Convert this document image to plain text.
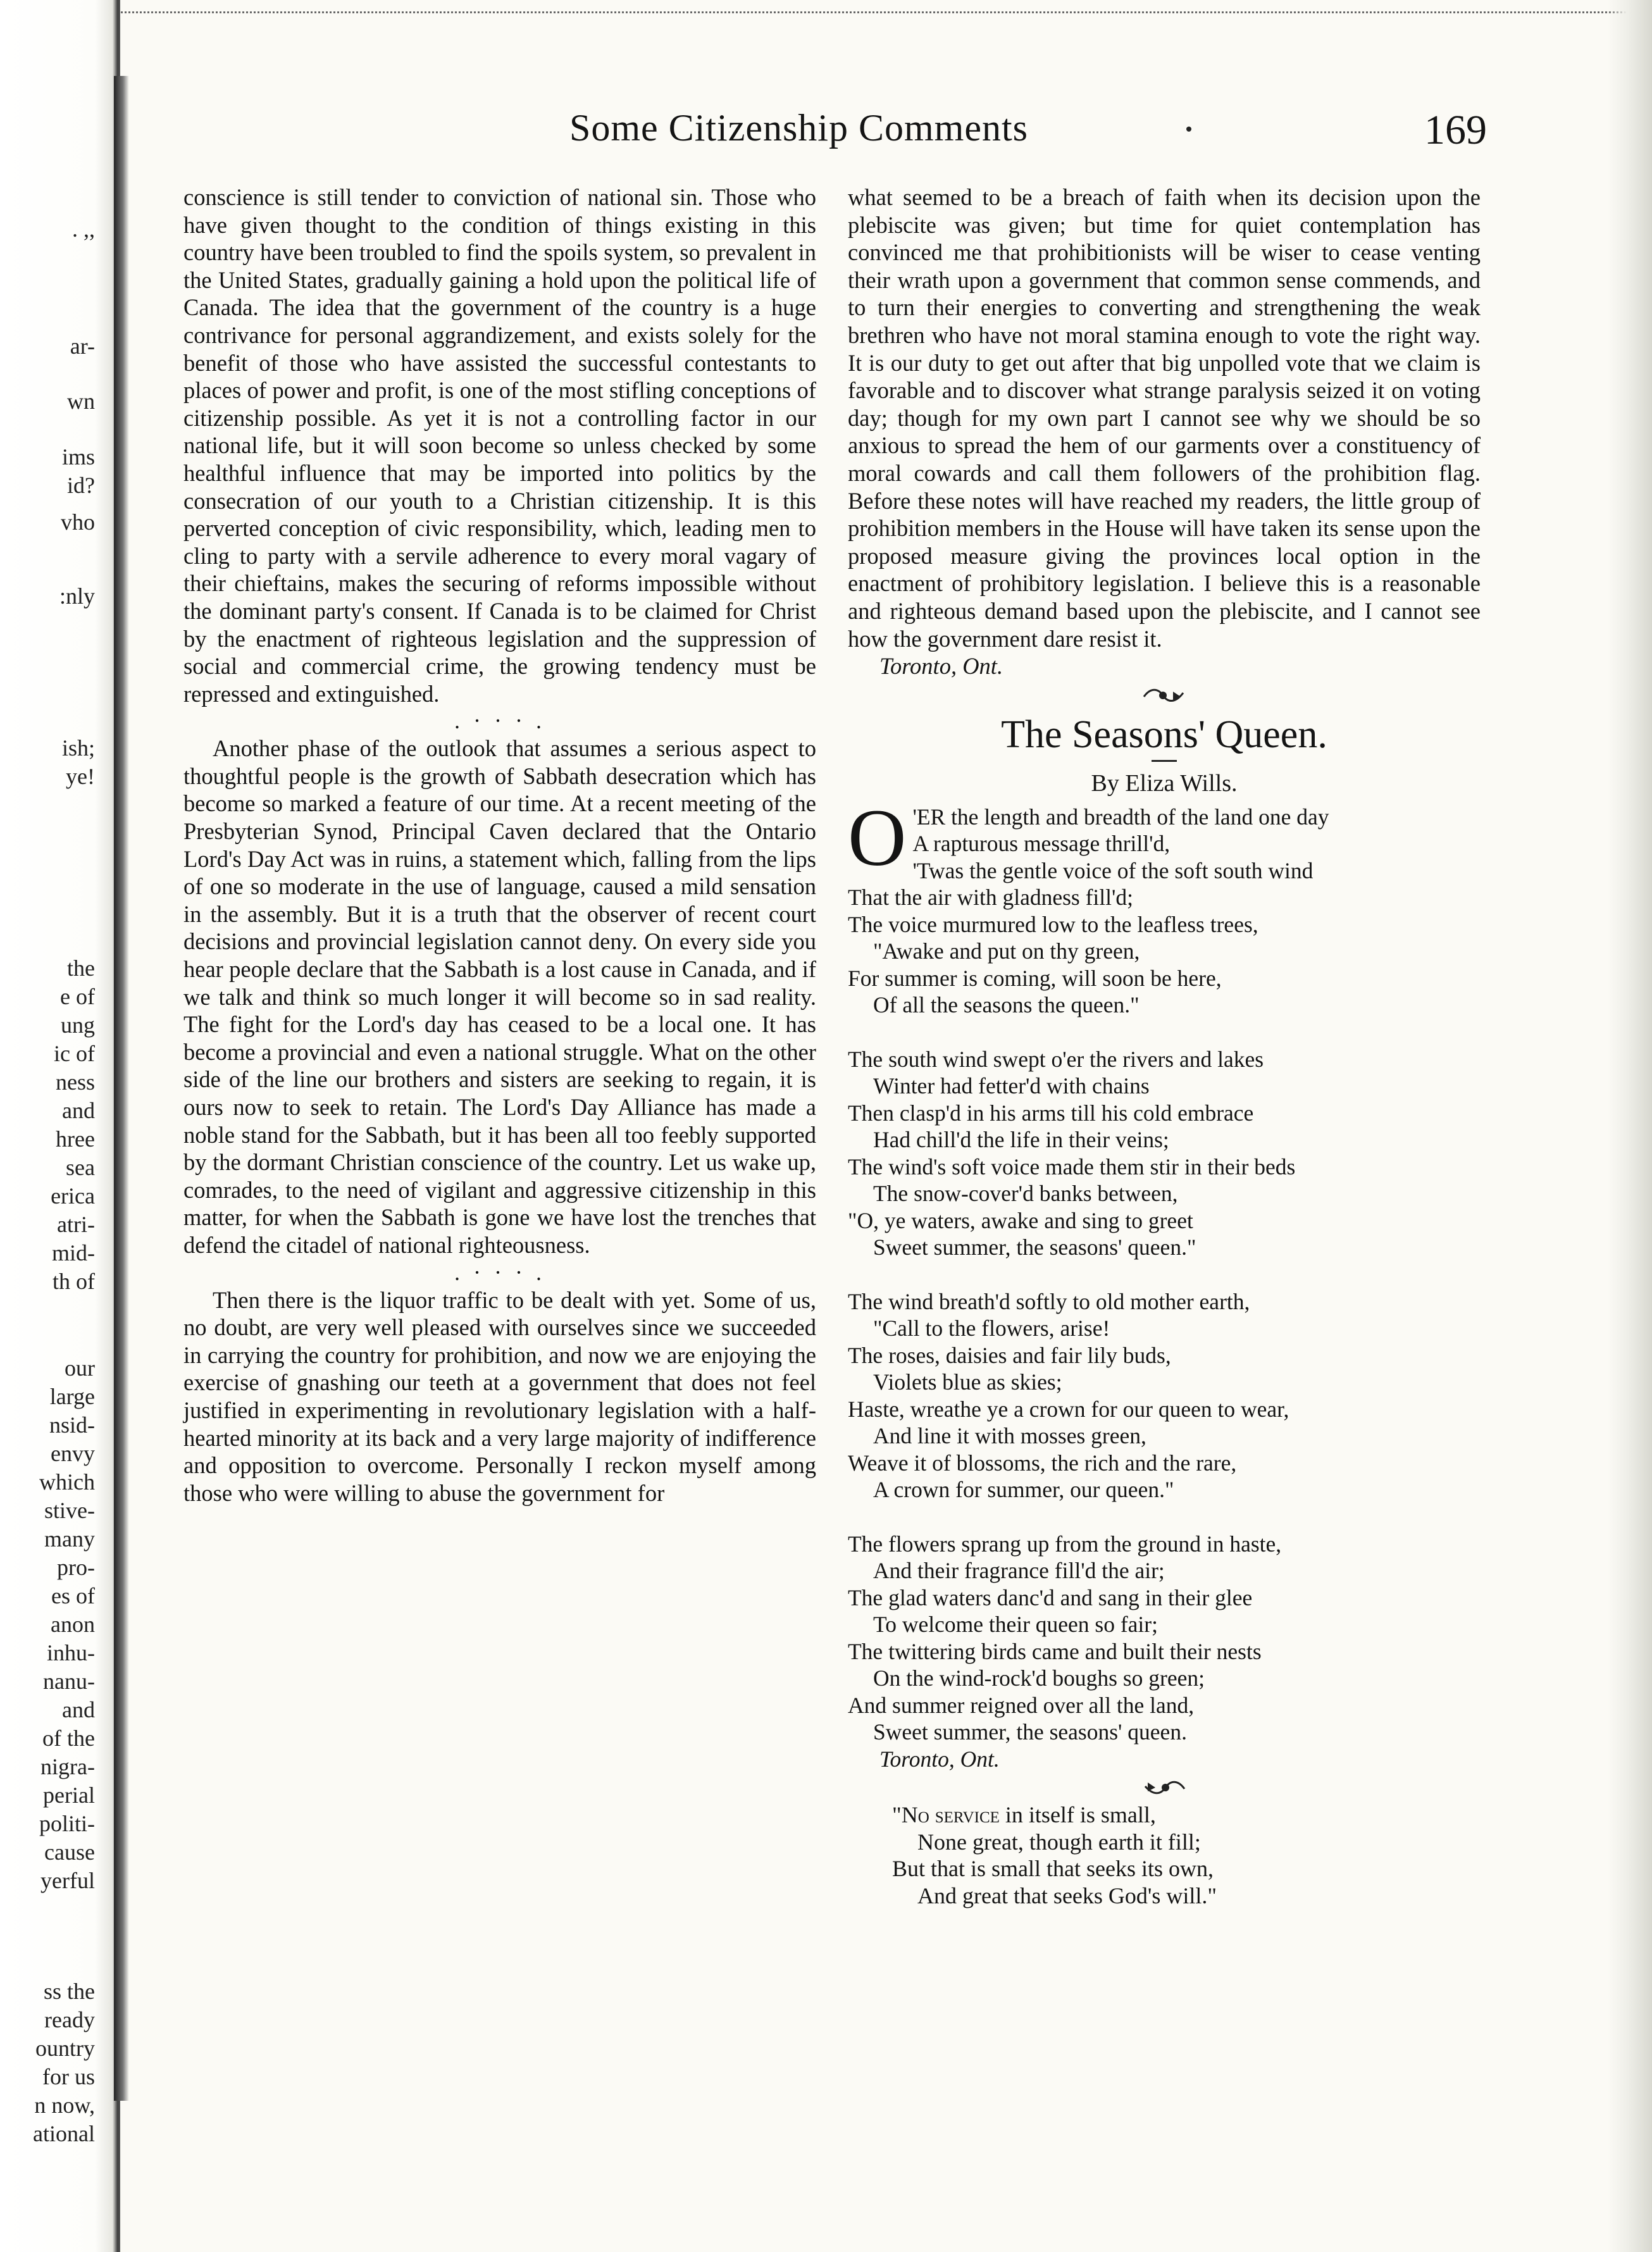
. ,,
ar-
wn
ims
id?
vho
:nly
ish;
ye!
the
e of
ung
ic of
ness
and
hree
sea
erica
atri-
mid-
th of
our
large
nsid-
envy
which
stive-
many
pro-
es of
anon
inhu-
nanu-
and
of the
nigra-
perial
politi-
cause
yerful
ss the
ready
ountry
for us
n now,
ational
Some Citizenship Comments	169

conscience is still tender to conviction of national sin. Those who have given thought to the condition of things existing in this country have been troubled to find the spoils system, so prevalent in the United States, gradually gaining a hold upon the political life of Canada. The idea that the government of the country is a huge contrivance for personal aggrandizement, and exists solely for the benefit of those who have assisted the successful contestants to places of power and profit, is one of the most stifling conceptions of citizenship possible. As yet it is not a controlling factor in our national life, but it will soon become so unless checked by some healthful influence that may be imported into politics by the consecration of our youth to a Christian citizenship. It is this perverted conception of civic responsibility, which, leading men to cling to party with a servile adherence to every moral vagary of their chieftains, makes the securing of reforms impossible without the dominant party's consent. If Canada is to be claimed for Christ by the enactment of righteous legislation and the suppression of social and commercial crime, the growing tendency must be repressed and extinguished.

. · · · .

Another phase of the outlook that assumes a serious aspect to thoughtful people is the growth of Sabbath desecration which has become so marked a feature of our time. At a recent meeting of the Presbyterian Synod, Principal Caven declared that the Ontario Lord's Day Act was in ruins, a statement which, falling from the lips of one so moderate in the use of language, caused a mild sensation in the assembly. But it is a truth that the observer of recent court decisions and provincial legislation cannot deny. On every side you hear people declare that the Sabbath is a lost cause in Canada, and if we talk and think so much longer it will become so in sad reality. The fight for the Lord's day has ceased to be a local one. It has become a provincial and even a national struggle. What on the other side of the line our brothers and sisters are seeking to regain, it is ours now to seek to retain. The Lord's Day Alliance has made a noble stand for the Sabbath, but it has been all too feebly supported by the dormant Christian conscience of the country. Let us wake up, comrades, to the need of vigilant and aggressive citizenship in this matter, for when the Sabbath is gone we have lost the trenches that defend the citadel of national righteousness.

. · · · .

Then there is the liquor traffic to be dealt with yet. Some of us, no doubt, are very well pleased with ourselves since we succeeded in carrying the country for prohibition, and now we are enjoying the exercise of gnashing our teeth at a government that does not feel justified in experimenting in revolutionary legislation with a half-hearted minority at its back and a very large majority of indifference and opposition to overcome. Personally I reckon myself among those who were willing to abuse the government for

what seemed to be a breach of faith when its decision upon the plebiscite was given; but time for quiet contemplation has convinced me that prohibitionists will be wiser to cease venting their wrath upon a government that common sense commends, and to turn their energies to converting and strengthening the weak brethren who have not moral stamina enough to vote the right way. It is our duty to get out after that big unpolled vote that we claim is favorable and to discover what strange paralysis seized it on voting day; though for my own part I cannot see why we should be so anxious to spread the hem of our garments over a constituency of moral cowards and call them followers of the prohibition flag. Before these notes will have reached my readers, the little group of prohibition members in the House will have taken its sense upon the proposed measure giving the provinces local option in the enactment of prohibitory legislation. I believe this is a reasonable and righteous demand based upon the plebiscite, and I cannot see how the government dare resist it.

Toronto, Ont.

The Seasons' Queen.
By Eliza Wills.
O 'ER the length and breadth of the land one day
A rapturous message thrill'd,
'Twas the gentle voice of the soft south wind
That the air with gladness fill'd;
The voice murmured low to the leafless trees,
"Awake and put on thy green,
For summer is coming, will soon be here,
Of all the seasons the queen."
The south wind swept o'er the rivers and lakes
Winter had fetter'd with chains
Then clasp'd in his arms till his cold embrace
Had chill'd the life in their veins;
The wind's soft voice made them stir in their beds
The snow-cover'd banks between,
"O, ye waters, awake and sing to greet
Sweet summer, the seasons' queen."
The wind breath'd softly to old mother earth,
"Call to the flowers, arise!
The roses, daisies and fair lily buds,
Violets blue as skies;
Haste, wreathe ye a crown for our queen to wear,
And line it with mosses green,
Weave it of blossoms, the rich and the rare,
A crown for summer, our queen."
The flowers sprang up from the ground in haste,
And their fragrance fill'd the air;
The glad waters danc'd and sang in their glee
To welcome their queen so fair;
The twittering birds came and built their nests
On the wind-rock'd boughs so green;
And summer reigned over all the land,
Sweet summer, the seasons' queen.

Toronto, Ont.

"No service in itself is small,
None great, though earth it fill;
But that is small that seeks its own,
And great that seeks God's will."
